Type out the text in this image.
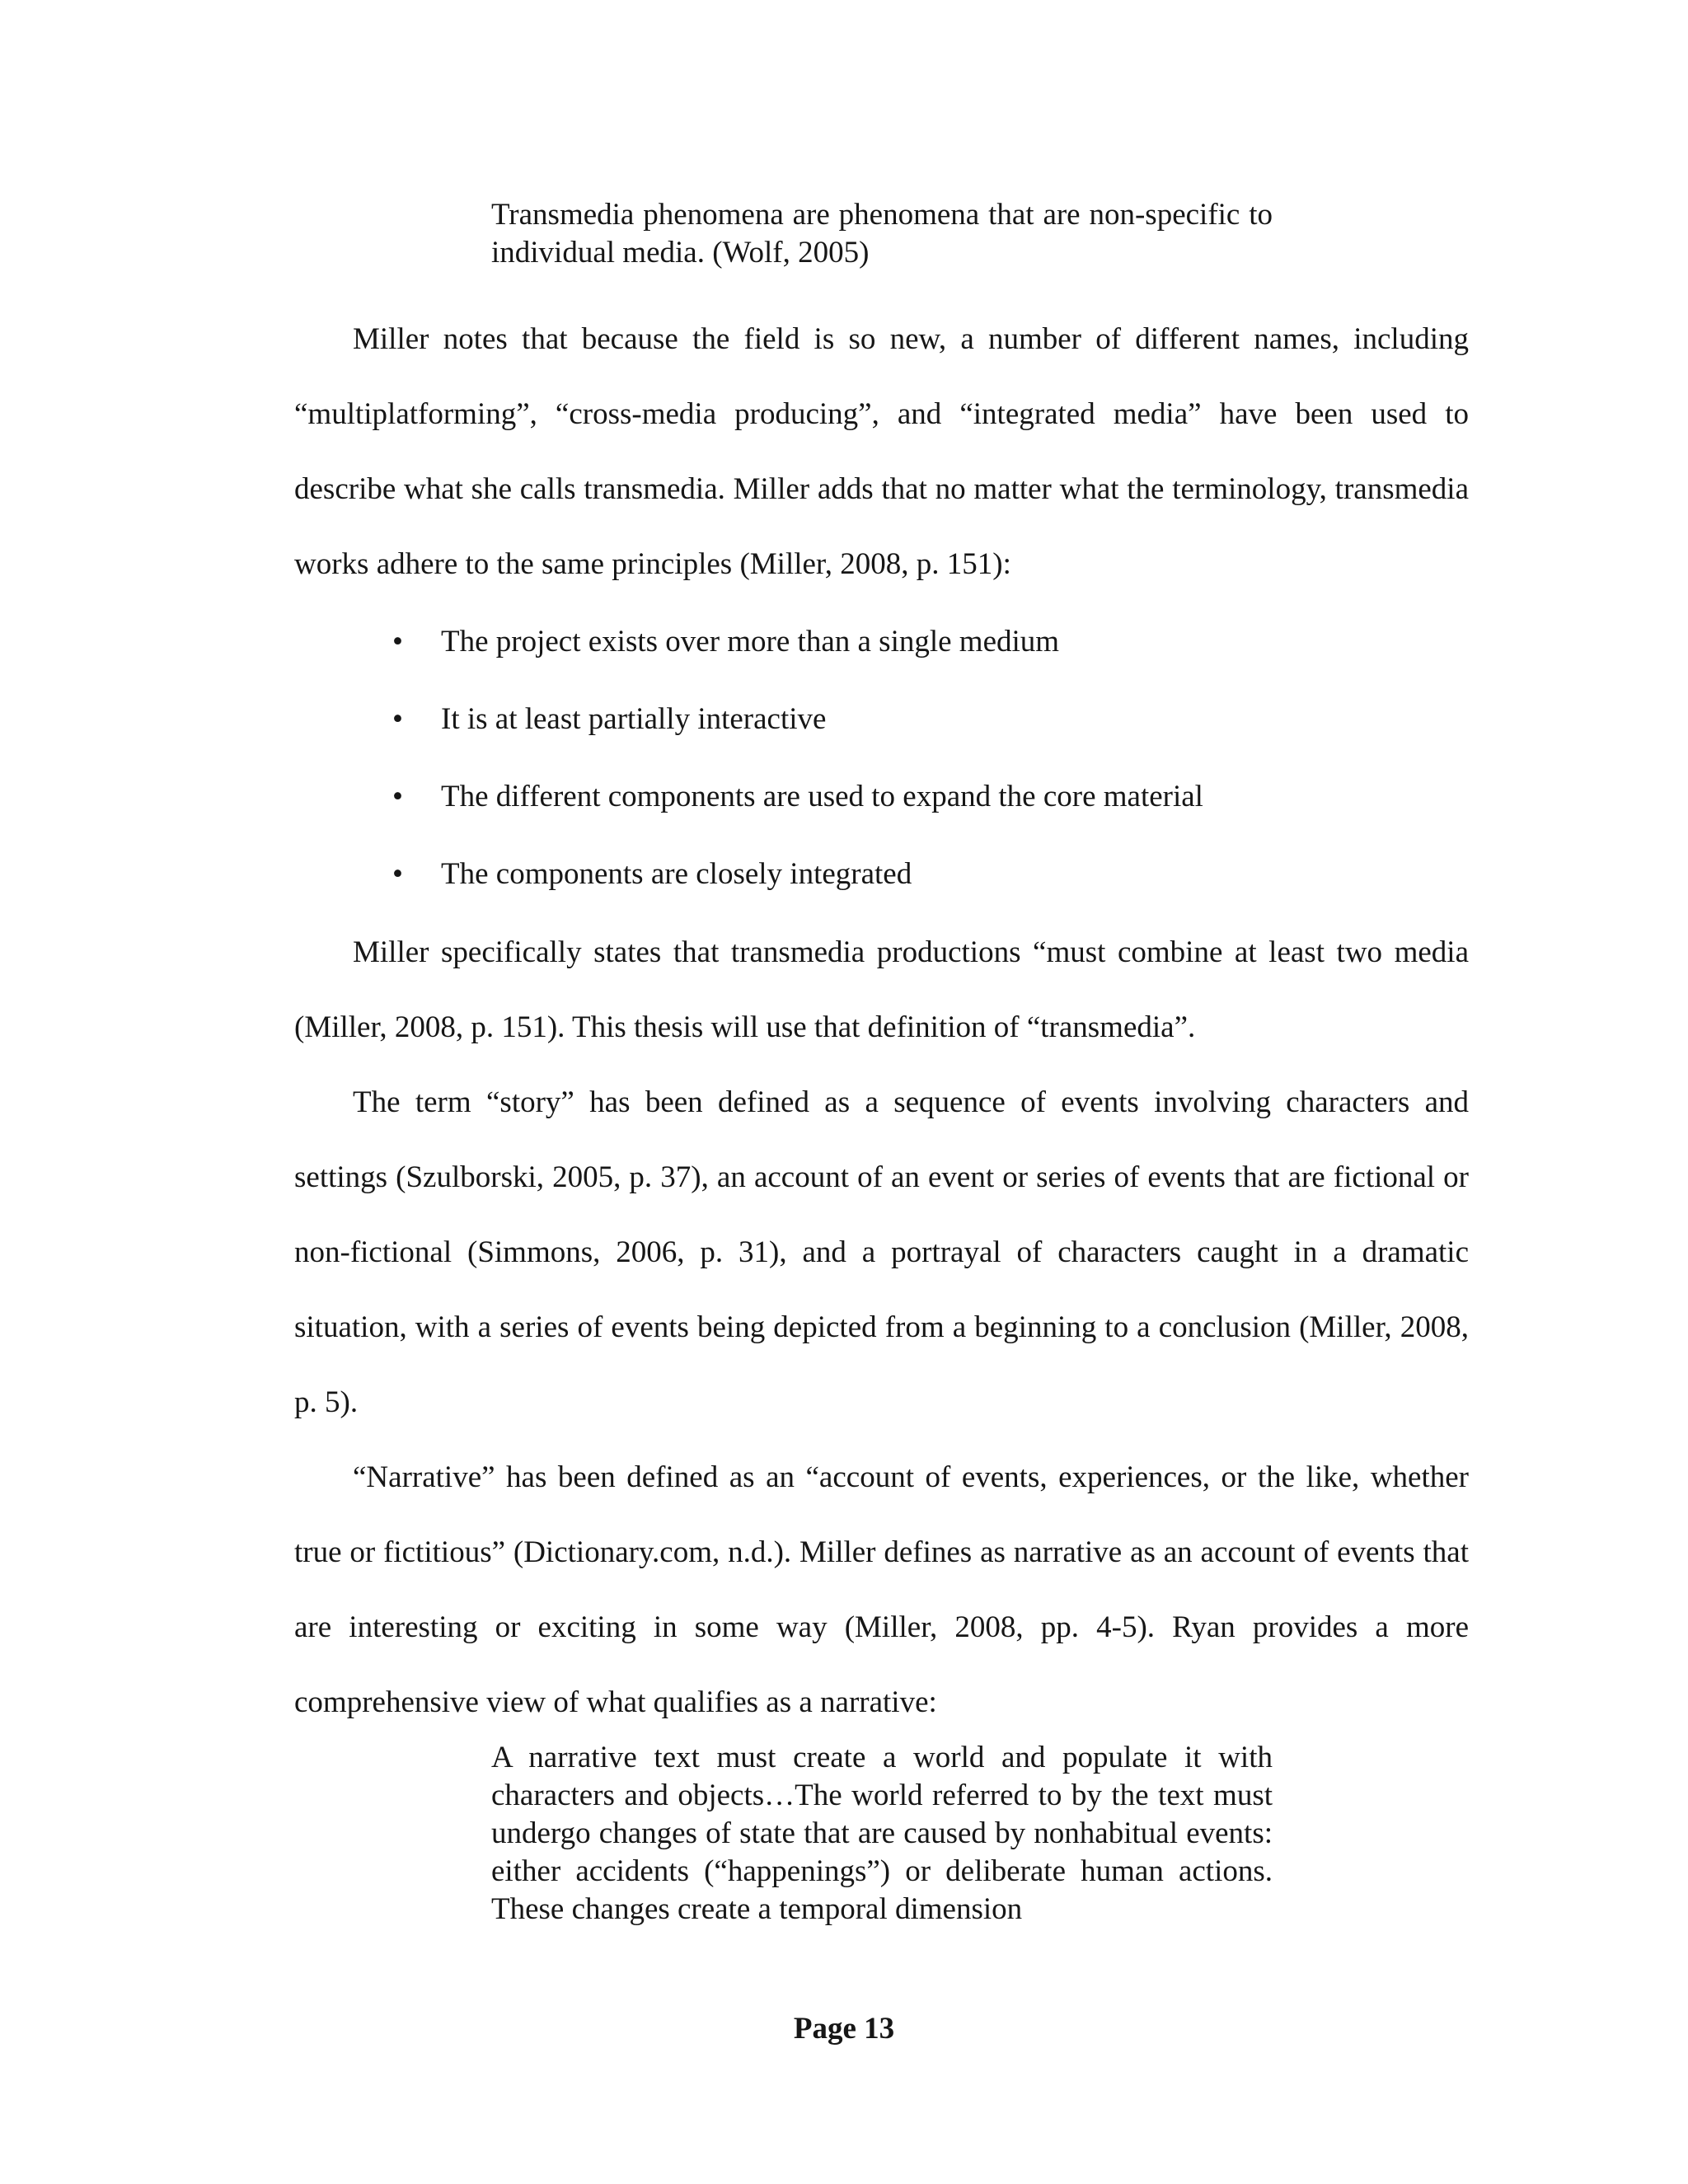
Transmedia phenomena are phenomena that are non-specific to individual media. (Wolf, 2005)

Miller notes that because the field is so new, a number of different names, including “multiplatforming”, “cross-media producing”, and “integrated media” have been used to describe what she calls transmedia. Miller adds that no matter what the terminology, transmedia works adhere to the same principles (Miller, 2008, p. 151):

• The project exists over more than a single medium
• It is at least partially interactive
• The different components are used to expand the core material
• The components are closely integrated

Miller specifically states that transmedia productions “must combine at least two media (Miller, 2008, p. 151). This thesis will use that definition of “transmedia”.

The term “story” has been defined as a sequence of events involving characters and settings (Szulborski, 2005, p. 37), an account of an event or series of events that are fictional or non-fictional (Simmons, 2006, p. 31), and a portrayal of characters caught in a dramatic situation, with a series of events being depicted from a beginning to a conclusion (Miller, 2008, p. 5).

“Narrative” has been defined as an “account of events, experiences, or the like, whether true or fictitious” (Dictionary.com, n.d.). Miller defines as narrative as an account of events that are interesting or exciting in some way (Miller, 2008, pp. 4-5). Ryan provides a more comprehensive view of what qualifies as a narrative:

A narrative text must create a world and populate it with characters and objects…The world referred to by the text must undergo changes of state that are caused by nonhabitual events: either accidents (“happenings”) or deliberate human actions. These changes create a temporal dimension

Page 13
